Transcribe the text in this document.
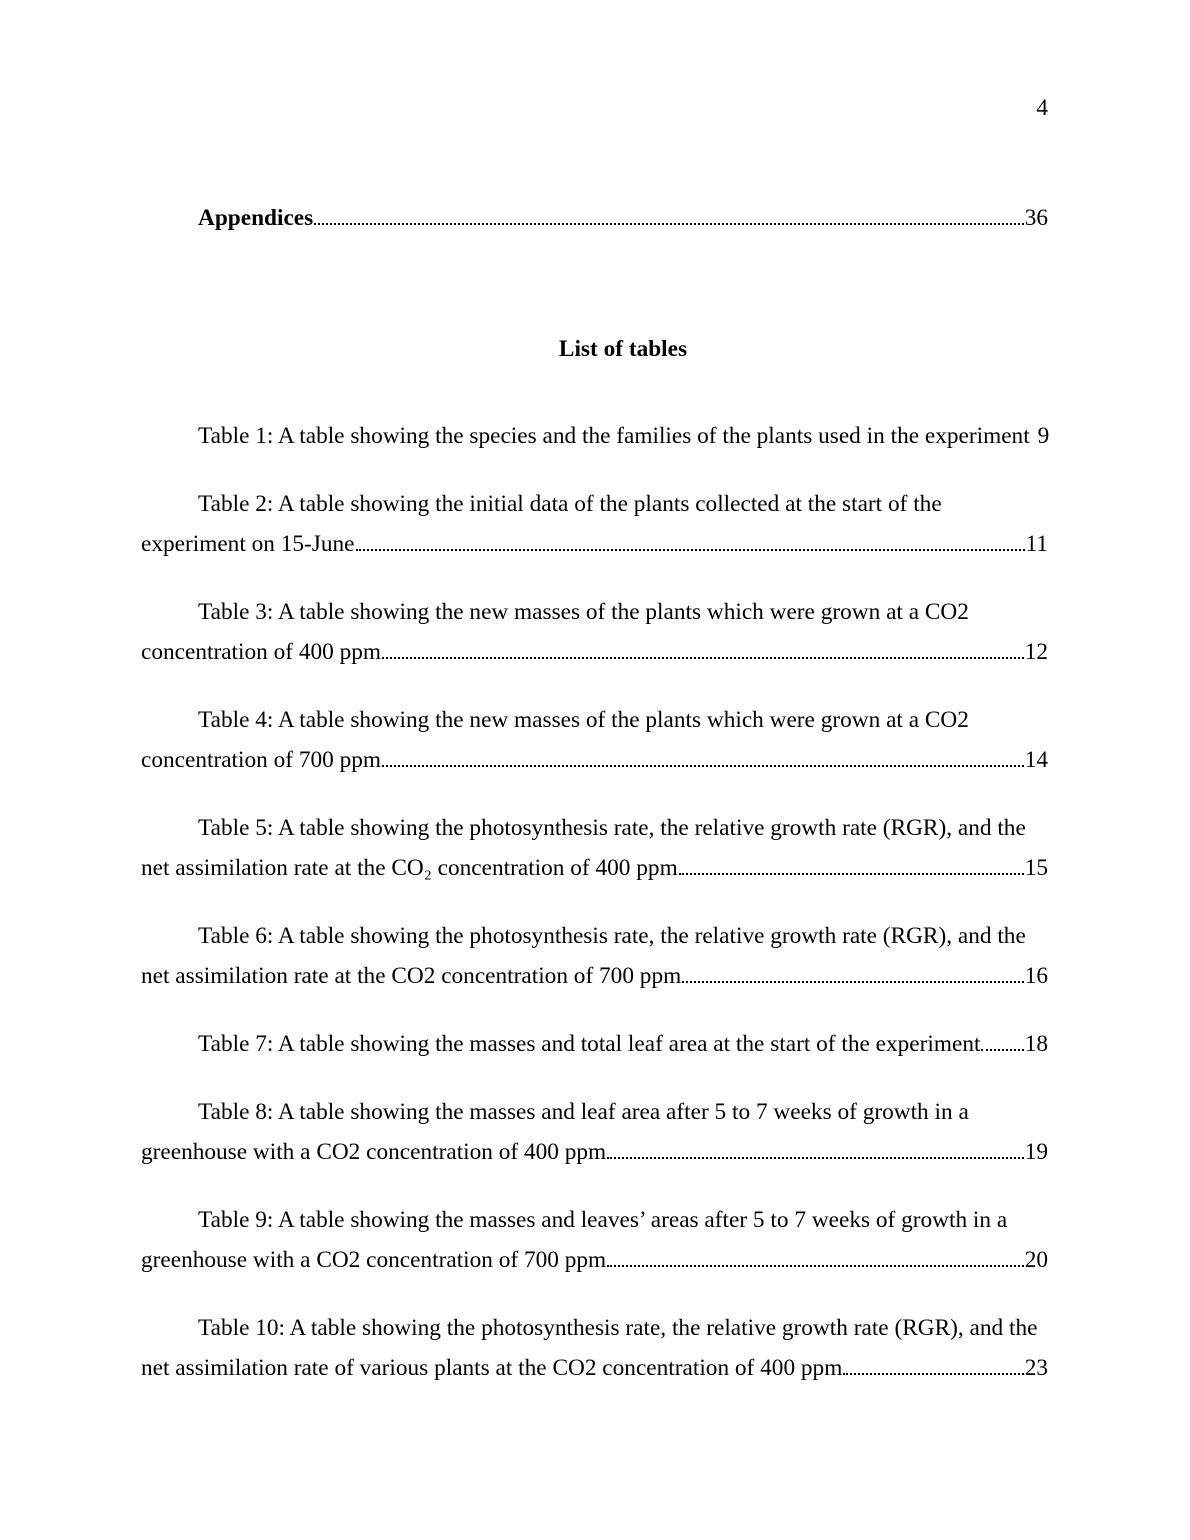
4
Appendices	36
List of tables
Table 1: A table showing the species and the families of the plants used in the experiment 9
Table 2: A table showing the initial data of the plants collected at the start of the
experiment on 15-June	11
Table 3: A table showing the new masses of the plants which were grown at a CO2
concentration of 400 ppm	12
Table 4: A table showing the new masses of the plants which were grown at a CO2
concentration of 700 ppm	14
Table 5: A table showing the photosynthesis rate, the relative growth rate (RGR), and the
net assimilation rate at the CO₂ concentration of 400 ppm	15
Table 6: A table showing the photosynthesis rate, the relative growth rate (RGR), and the
net assimilation rate at the CO2 concentration of 700 ppm	16
Table 7: A table showing the masses and total leaf area at the start of the experiment 18
Table 8: A table showing the masses and leaf area after 5 to 7 weeks of growth in a
greenhouse with a CO2 concentration of 400 ppm	19
Table 9: A table showing the masses and leaves’ areas after 5 to 7 weeks of growth in a
greenhouse with a CO2 concentration of 700 ppm	20
Table 10: A table showing the photosynthesis rate, the relative growth rate (RGR), and the
net assimilation rate of various plants at the CO2 concentration of 400 ppm	23
